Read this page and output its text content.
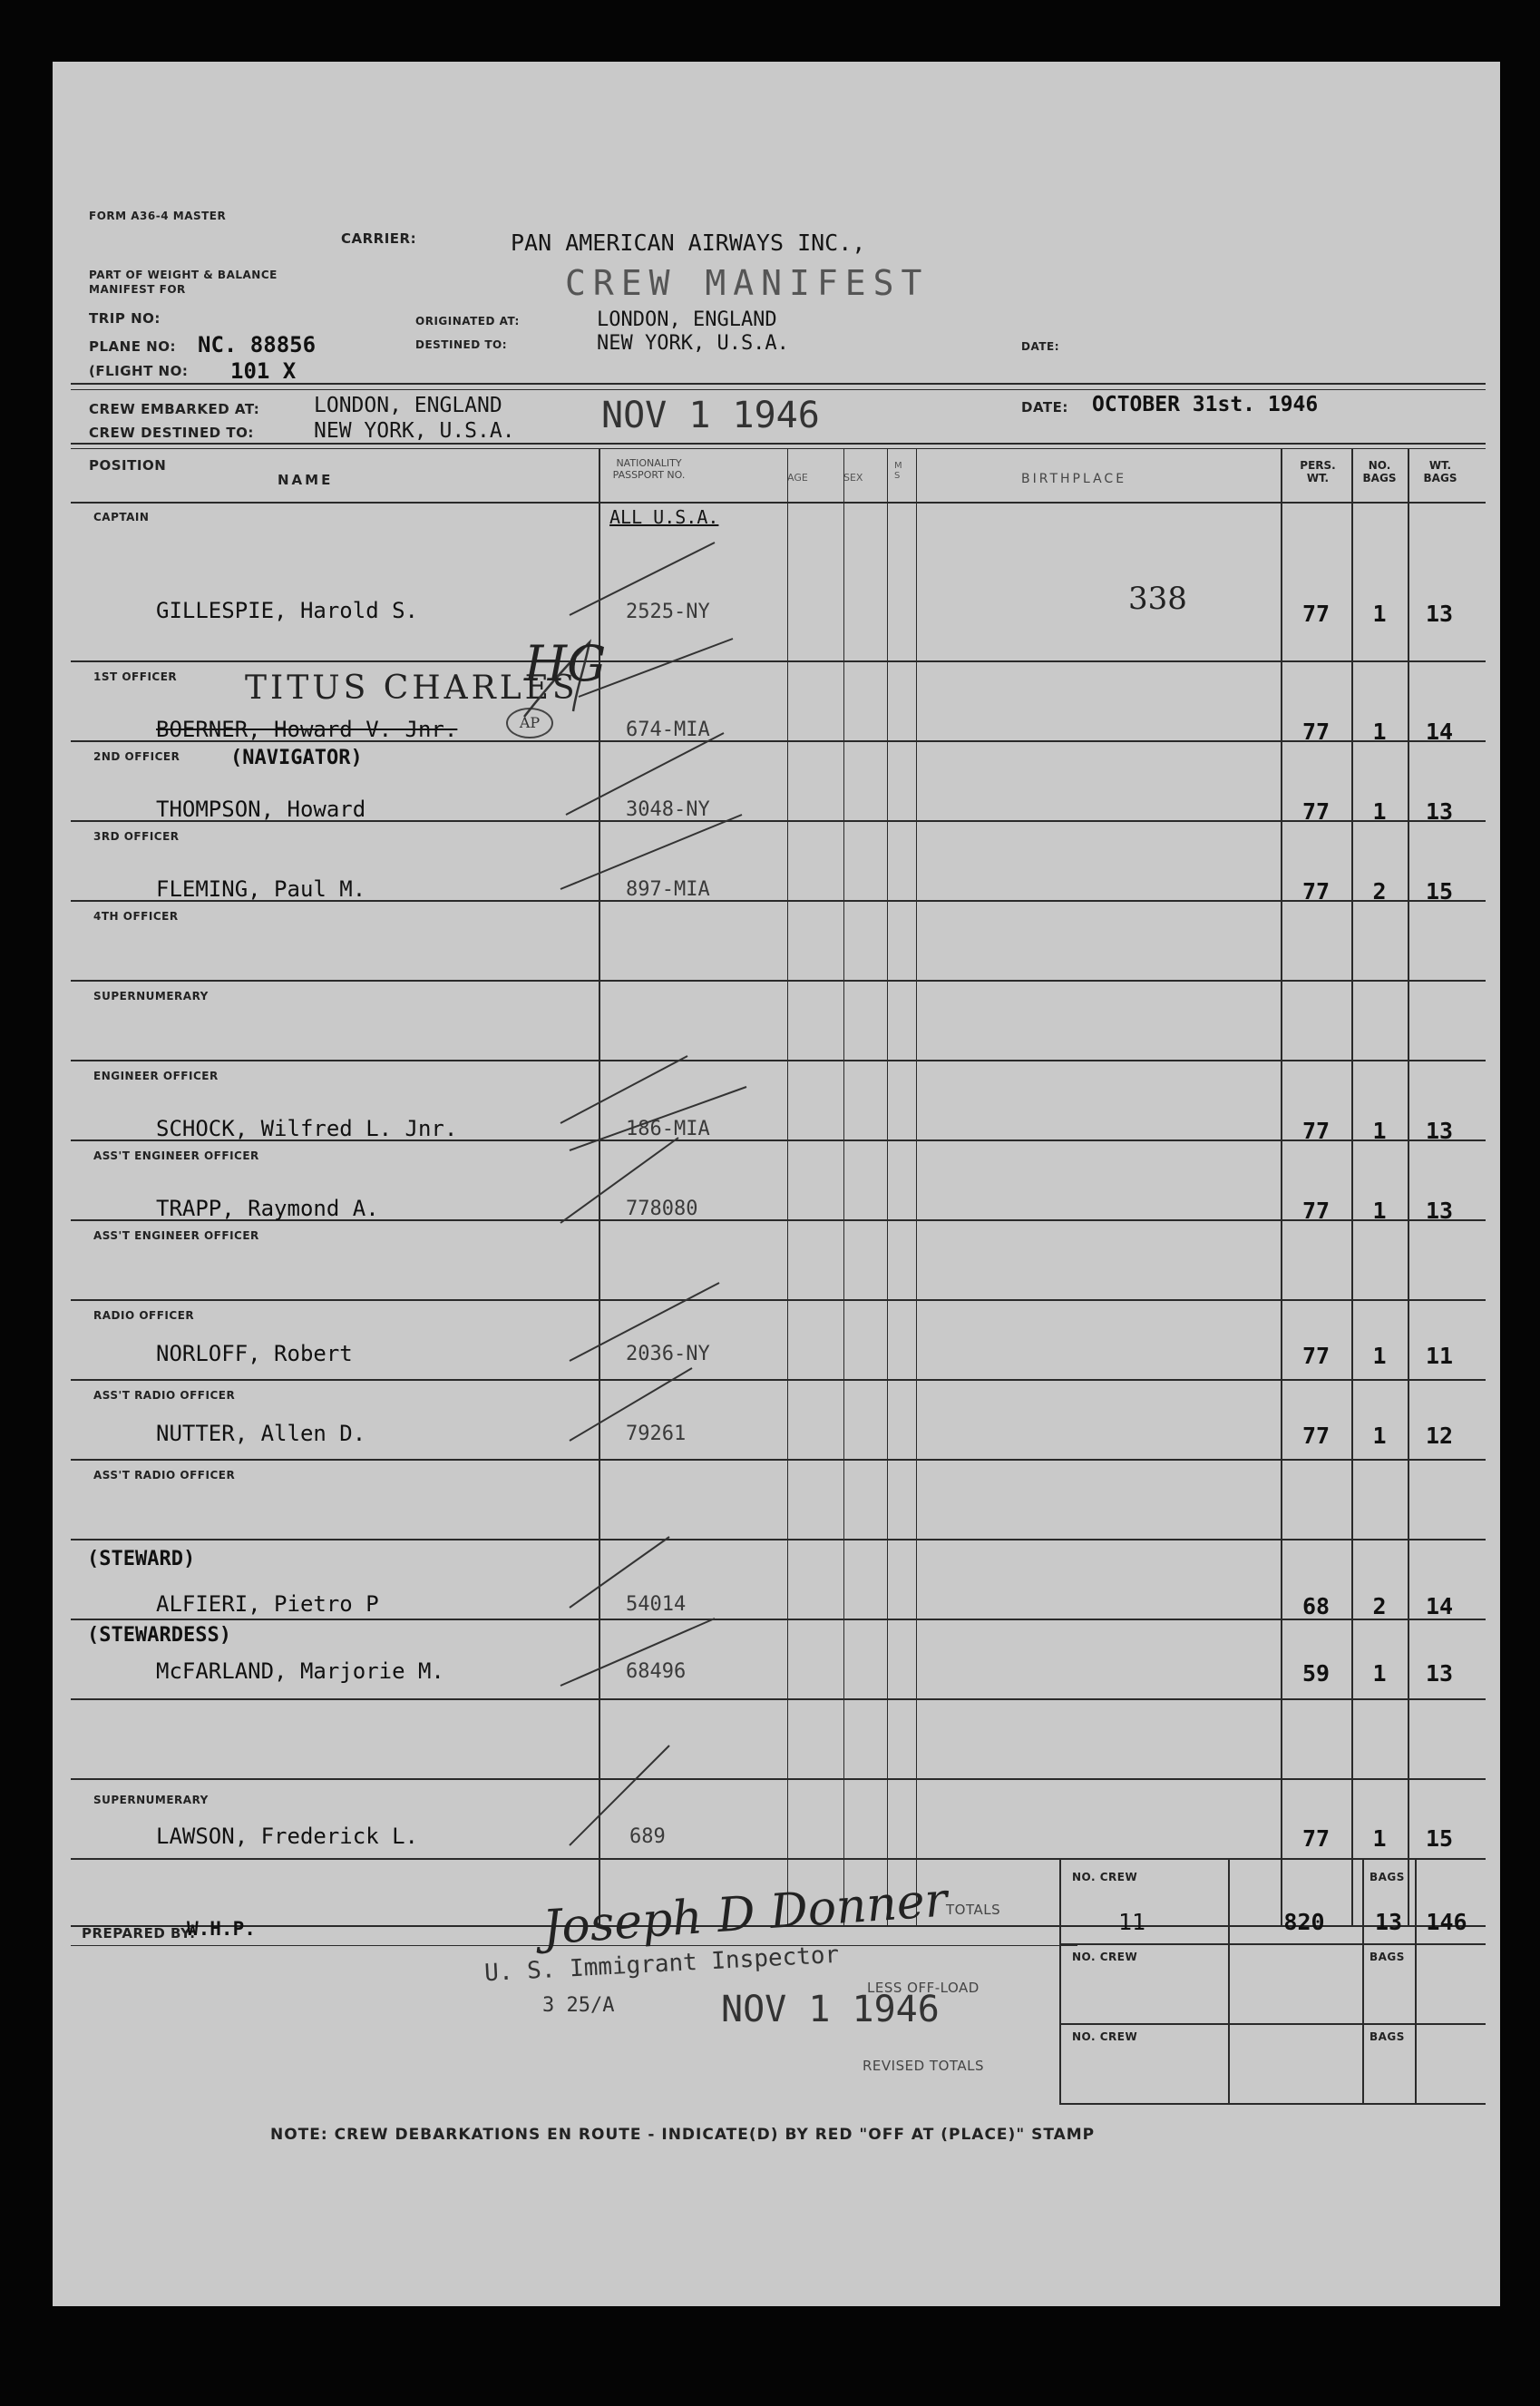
FORM A36-4 MASTER
CARRIER:	PAN AMERICAN AIRWAYS INC.,
CREW MANIFEST
PART OF WEIGHT & BALANCE
MANIFEST FOR
TRIP NO:
PLANE NO: NC. 88856
(FLIGHT NO: 101 X
ORIGINATED AT:	LONDON, ENGLAND
DESTINED TO:	NEW YORK, U.S.A.	DATE:
CREW EMBARKED AT:	LONDON, ENGLAND
CREW DESTINED TO:	NEW YORK, U.S.A. NOV 1 1946	DATE: OCTOBER 31st. 1946
POSITION
NAME
NATIONALITY PASSPORT NO.	AGE	SEX
M S	BIRTHPLACE
PERS. WT.
NO. BAGS
WT. BAGS
ALL U.S.A.
CAPTAIN
GILLESPIE, Harold S.	2525-NY	338	77	1	13
1ST OFFICER
BOERNER, Howard V. Jnr.	674-MIA	77	1	14
TITUS CHARLES
AP
2ND OFFICER	(NAVIGATOR)
THOMPSON, Howard	3048-NY	77	1	13
3RD OFFICER
FLEMING, Paul M.	897-MIA	77	2	15
4TH OFFICER
SUPERNUMERARY
ENGINEER OFFICER
SCHOCK, Wilfred L. Jnr.	186-MIA	77	1	13
ASS'T ENGINEER OFFICER
TRAPP, Raymond A.	778080	77	1	13
ASS'T ENGINEER OFFICER
RADIO OFFICER
NORLOFF, Robert	2036-NY	77	1	11
ASS'T RADIO OFFICER
NUTTER, Allen D.	79261	77	1	12
ASS'T RADIO OFFICER
(STEWARD)
ALFIERI, Pietro P	54014	68	2	14
(STEWARDESS)
McFARLAND, Marjorie M.	68496	59	1	13
SUPERNUMERARY
LAWSON, Frederick L.	689	77	1	15
HG
PREPARED BY:
W.H.P.	Joseph D Donner
TOTALS
U. S. Immigrant Inspector
3 25/A	NOV 1 1946
LESS OFF-LOAD
REVISED TOTALS
NO. CREW	BAGS
11	820	13	146
NO. CREW	BAGS
NO. CREW	BAGS
NOTE: CREW DEBARKATIONS EN ROUTE - INDICATE(D) BY RED "OFF AT (PLACE)" STAMP
